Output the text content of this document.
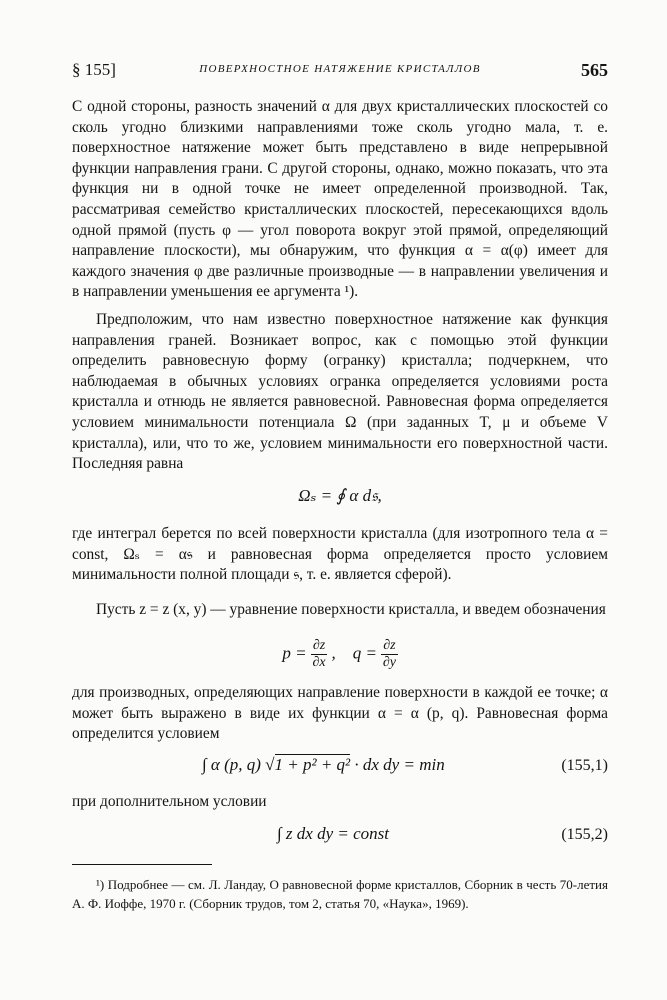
§ 155]	ПОВЕРХНОСТНОЕ НАТЯЖЕНИЕ КРИСТАЛЛОВ	565

С одной стороны, разность значений α для двух кристаллических плоскостей со сколь угодно близкими направлениями тоже сколь угодно мала, т. е. поверхностное натяжение может быть представлено в виде непрерывной функции направления грани. С другой стороны, однако, можно показать, что эта функция ни в одной точке не имеет определенной производной. Так, рассматривая семейство кристаллических плоскостей, пересекающихся вдоль одной прямой (пусть φ — угол поворота вокруг этой прямой, определяющий направление плоскости), мы обнаружим, что функция α = α(φ) имеет для каждого значения φ две различные производные — в направлении увеличения и в направлении уменьшения ее аргумента ¹).

Предположим, что нам известно поверхностное натяжение как функция направления граней. Возникает вопрос, как с помощью этой функции определить равновесную форму (огранку) кристалла; подчеркнем, что наблюдаемая в обычных условиях огранка определяется условиями роста кристалла и отнюдь не является равновесной. Равновесная форма определяется условием минимальности потенциала Ω (при заданных T, μ и объеме V кристалла), или, что то же, условием минимальности его поверхностной части. Последняя равна

Ωₛ = ∮ α d𝔰,

где интеграл берется по всей поверхности кристалла (для изотропного тела α = const, Ωₛ = α𝔰 и равновесная форма определяется просто условием минимальности полной площади 𝔰, т. е. является сферой).

Пусть z = z (x, y) — уравнение поверхности кристалла, и введем обозначения

$p = \frac{\partial z}{\partial x}$ , $q = \frac{\partial z}{\partial y}$

для производных, определяющих направление поверхности в каждой ее точке; α может быть выражено в виде их функции α = α (p, q). Равновесная форма определится условием

∫ α (p, q) √1 + p² + q² · dx dy = min	(155,1)

при дополнительном условии

∫ z dx dy = const	(155,2)

¹) Подробнее — см. Л. Ландау, О равновесной форме кристаллов, Сборник в честь 70-летия А. Ф. Иоффе, 1970 г. (Сборник трудов, том 2, статья 70, «Наука», 1969).
